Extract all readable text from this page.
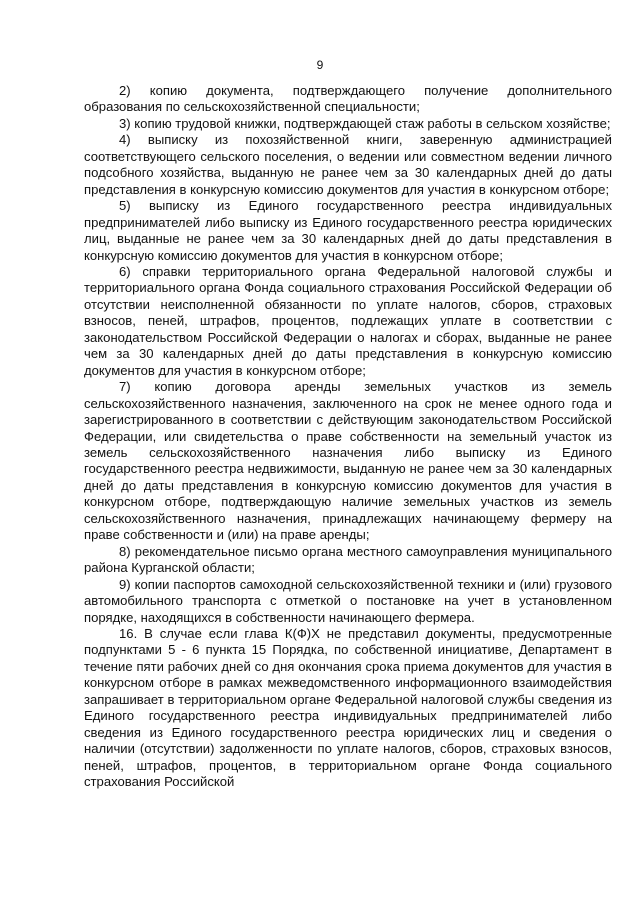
9

2) копию документа, подтверждающего получение дополнительного образования по сельскохозяйственной специальности;

3) копию трудовой книжки, подтверждающей стаж работы в сельском хозяйстве;

4) выписку из похозяйственной книги, заверенную администрацией соответствующего сельского поселения, о ведении или совместном ведении личного подсобного хозяйства, выданную не ранее чем за 30 календарных дней до даты представления в конкурсную комиссию документов для участия в конкурсном отборе;

5) выписку из Единого государственного реестра индивидуальных предпринимателей либо выписку из Единого государственного реестра юридических лиц, выданные не ранее чем за 30 календарных дней до даты представления в конкурсную комиссию документов для участия в конкурсном отборе;

6) справки территориального органа Федеральной налоговой службы и территориального органа Фонда социального страхования Российской Федерации об отсутствии неисполненной обязанности по уплате налогов, сборов, страховых взносов, пеней, штрафов, процентов, подлежащих уплате в соответствии с законодательством Российской Федерации о налогах и сборах, выданные не ранее чем за 30 календарных дней до даты представления в конкурсную комиссию документов для участия в конкурсном отборе;

7) копию договора аренды земельных участков из земель сельскохозяйственного назначения, заключенного на срок не менее одного года и зарегистрированного в соответствии с действующим законодательством Российской Федерации, или свидетельства о праве собственности на земельный участок из земель сельскохозяйственного назначения либо выписку из Единого государственного реестра недвижимости, выданную не ранее чем за 30 календарных дней до даты представления в конкурсную комиссию документов для участия в конкурсном отборе, подтверждающую наличие земельных участков из земель сельскохозяйственного назначения, принадлежащих начинающему фермеру на праве собственности и (или) на праве аренды;

8) рекомендательное письмо органа местного самоуправления муниципального района Курганской области;

9) копии паспортов самоходной сельскохозяйственной техники и (или) грузового автомобильного транспорта с отметкой о постановке на учет в установленном порядке, находящихся в собственности начинающего фермера.

16. В случае если глава К(Ф)Х не представил документы, предусмотренные подпунктами 5 - 6 пункта 15 Порядка, по собственной инициативе, Департамент в течение пяти рабочих дней со дня окончания срока приема документов для участия в конкурсном отборе в рамках межведомственного информационного взаимодействия запрашивает в территориальном органе Федеральной налоговой службы сведения из Единого государственного реестра индивидуальных предпринимателей либо сведения из Единого государственного реестра юридических лиц и сведения о наличии (отсутствии) задолженности по уплате налогов, сборов, страховых взносов, пеней, штрафов, процентов, в территориальном органе Фонда социального страхования Российской
